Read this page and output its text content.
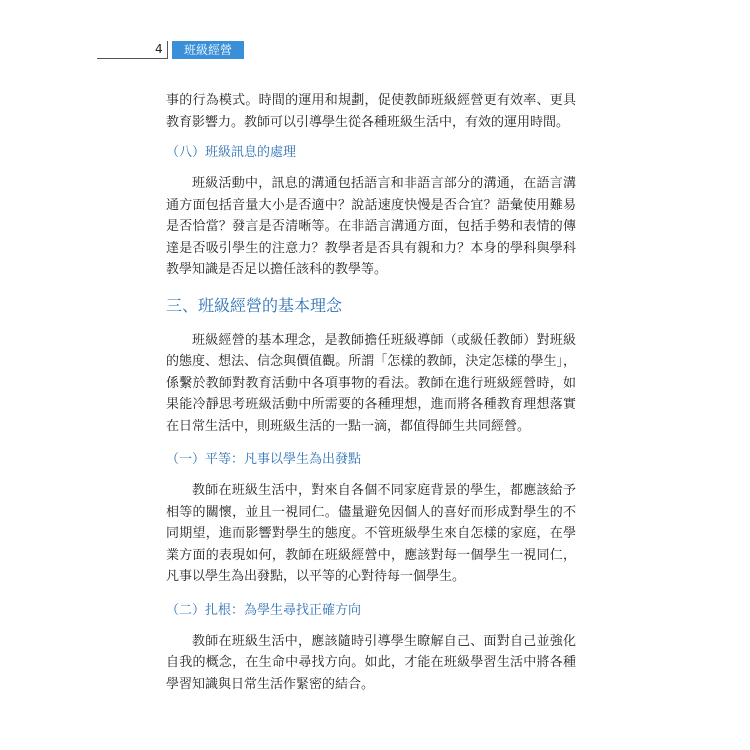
4	班級經營

事的行為模式。時間的運用和規劃，促使教師班級經營更有效率、更具教育影響力。教師可以引導學生從各種班級生活中，有效的運用時間。

（八）班級訊息的處理

班級活動中，訊息的溝通包括語言和非語言部分的溝通，在語言溝通方面包括音量大小是否適中？說話速度快慢是否合宜？語彙使用難易是否恰當？發言是否清晰等。在非語言溝通方面，包括手勢和表情的傳達是否吸引學生的注意力？教學者是否具有親和力？本身的學科與學科教學知識是否足以擔任該科的教學等。

三、班級經營的基本理念

班級經營的基本理念，是教師擔任班級導師（或級任教師）對班級的態度、想法、信念與價值觀。所謂「怎樣的教師，決定怎樣的學生」，係繫於教師對教育活動中各項事物的看法。教師在進行班級經營時，如果能冷靜思考班級活動中所需要的各種理想，進而將各種教育理想落實在日常生活中，則班級生活的一點一滴，都值得師生共同經營。

（一）平等：凡事以學生為出發點

教師在班級生活中，對來自各個不同家庭背景的學生，都應該給予相等的關懷，並且一視同仁。儘量避免因個人的喜好而形成對學生的不同期望，進而影響對學生的態度。不管班級學生來自怎樣的家庭，在學業方面的表現如何，教師在班級經營中，應該對每一個學生一視同仁，凡事以學生為出發點，以平等的心對待每一個學生。

（二）扎根：為學生尋找正確方向

教師在班級生活中，應該隨時引導學生瞭解自己、面對自己並強化自我的概念，在生命中尋找方向。如此，才能在班級學習生活中將各種學習知識與日常生活作緊密的結合。
